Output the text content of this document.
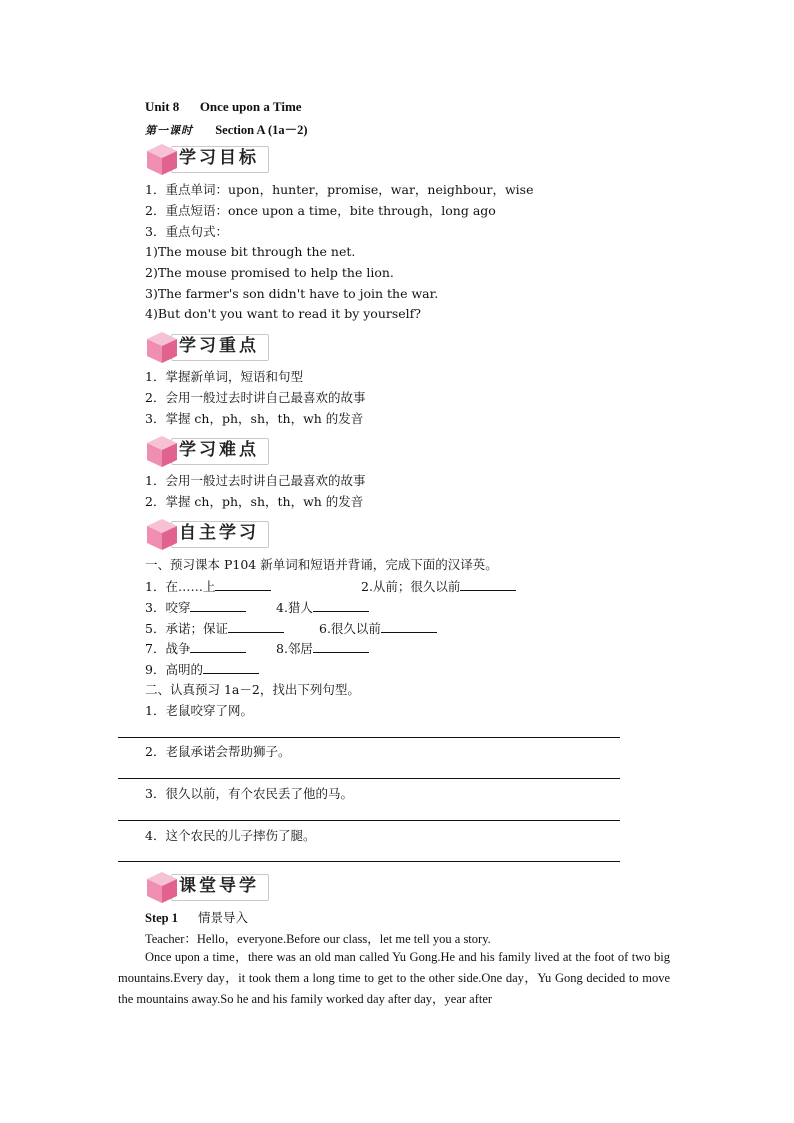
Unit 8 Once upon a Time
第一课时 Section A (1a－2)
学习目标
1．重点单词：upon，hunter，promise，war，neighbour，wise
2．重点短语：once upon a time，bite through，long ago
3．重点句式：
1)The mouse bit through the net.
2)The mouse promised to help the lion.
3)The farmer's son didn't have to join the war.
4)But don't you want to read it by yourself?
学习重点
1．掌握新单词，短语和句型
2．会用一般过去时讲自己最喜欢的故事
3．掌握 ch，ph，sh，th，wh 的发音
学习难点
1．会用一般过去时讲自己最喜欢的故事
2．掌握 ch，ph，sh，th，wh 的发音
自主学习
一、预习课本 P104 新单词和短语并背诵，完成下面的汉译英。
1．在……上	2.从前；很久以前
3．咬穿	4.猎人
5．承诺；保证	6.很久以前
7．战争	8.邻居
9．高明的
二、认真预习 1a－2，找出下列句型。
1．老鼠咬穿了网。
2．老鼠承诺会帮助狮子。
3．很久以前，有个农民丢了他的马。
4．这个农民的儿子摔伤了腿。
课堂导学
Step 1 情景导入
Teacher：Hello，everyone.Before our class，let me tell you a story.
Once upon a time，there was an old man called Yu Gong.He and his family lived at the foot of two big mountains.Every day，it took them a long time to get to the other side.One day，Yu Gong decided to move the mountains away.So he and his family worked day after day，year after
